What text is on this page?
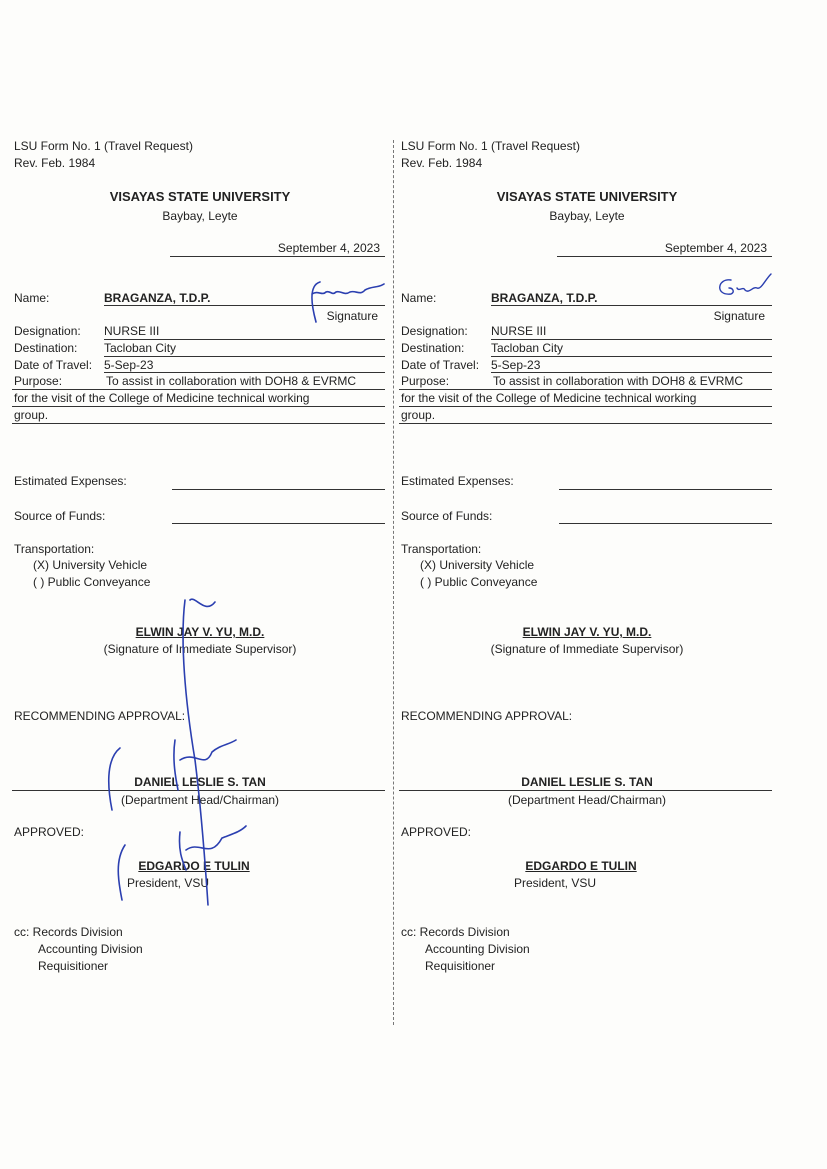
LSU Form No. 1 (Travel Request)
Rev. Feb. 1984
VISAYAS STATE UNIVERSITY
Baybay, Leyte
September 4, 2023
Name:	BRAGANZA, T.D.P.
Signature
Designation: NURSE III
Destination: Tacloban City
Date of Travel: 5-Sep-23
Purpose:	To assist in collaboration with DOH8 & EVRMC
for the visit of the College of Medicine technical working
group.
Estimated Expenses:
Source of Funds:
Transportation:
(X) University Vehicle
( ) Public Conveyance
ELWIN JAY V. YU, M.D.
(Signature of Immediate Supervisor)
RECOMMENDING APPROVAL:
DANIEL LESLIE S. TAN
(Department Head/Chairman)
APPROVED:
EDGARDO E TULIN
President, VSU
cc: Records Division
Accounting Division
Requisitioner
LSU Form No. 1 (Travel Request)
Rev. Feb. 1984
VISAYAS STATE UNIVERSITY
Baybay, Leyte
September 4, 2023
Name:	BRAGANZA, T.D.P.
Signature
Designation: NURSE III
Destination: Tacloban City
Date of Travel: 5-Sep-23
Purpose:	To assist in collaboration with DOH8 & EVRMC
for the visit of the College of Medicine technical working
group.
Estimated Expenses:
Source of Funds:
Transportation:
(X) University Vehicle
( ) Public Conveyance
ELWIN JAY V. YU, M.D.
(Signature of Immediate Supervisor)
RECOMMENDING APPROVAL:
DANIEL LESLIE S. TAN
(Department Head/Chairman)
APPROVED:
EDGARDO E TULIN
President, VSU
cc: Records Division
Accounting Division
Requisitioner
